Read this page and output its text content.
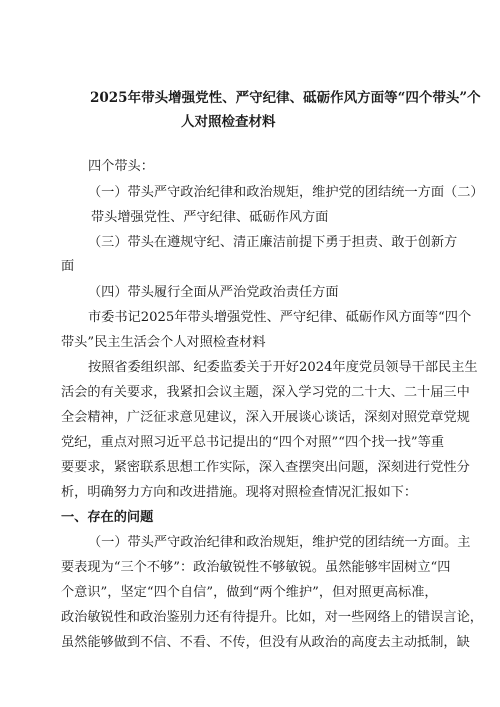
2025年带头增强党性、严守纪律、砥砺作风方面等“四个带头”个
人对照检查材料
四个带头：
（一）带头严守政治纪律和政治规矩，维护党的团结统一方面（二）
带头增强党性、严守纪律、砥砺作风方面
（三）带头在遵规守纪、清正廉洁前提下勇于担责、敢于创新方
面
（四）带头履行全面从严治党政治责任方面
市委书记2025年带头增强党性、严守纪律、砥砺作风方面等“四个
带头”民主生活会个人对照检查材料
按照省委组织部、纪委监委关于开好2024年度党员领导干部民主生
活会的有关要求，我紧扣会议主题，深入学习党的二十大、二十届三中
全会精神，广泛征求意见建议，深入开展谈心谈话，深刻对照党章党规
党纪，重点对照习近平总书记提出的“四个对照”“四个找一找”等重
要要求，紧密联系思想工作实际，深入查摆突出问题，深刻进行党性分
析，明确努力方向和改进措施。现将对照检查情况汇报如下：
一、存在的问题
（一）带头严守政治纪律和政治规矩，维护党的团结统一方面。主
要表现为“三个不够”：政治敏锐性不够敏锐。虽然能够牢固树立“四
个意识”，坚定“四个自信”，做到“两个维护”，但对照更高标准，
政治敏锐性和政治鉴别力还有待提升。比如，对一些网络上的错误言论，
虽然能够做到不信、不看、不传，但没有从政治的高度去主动抵制，缺
